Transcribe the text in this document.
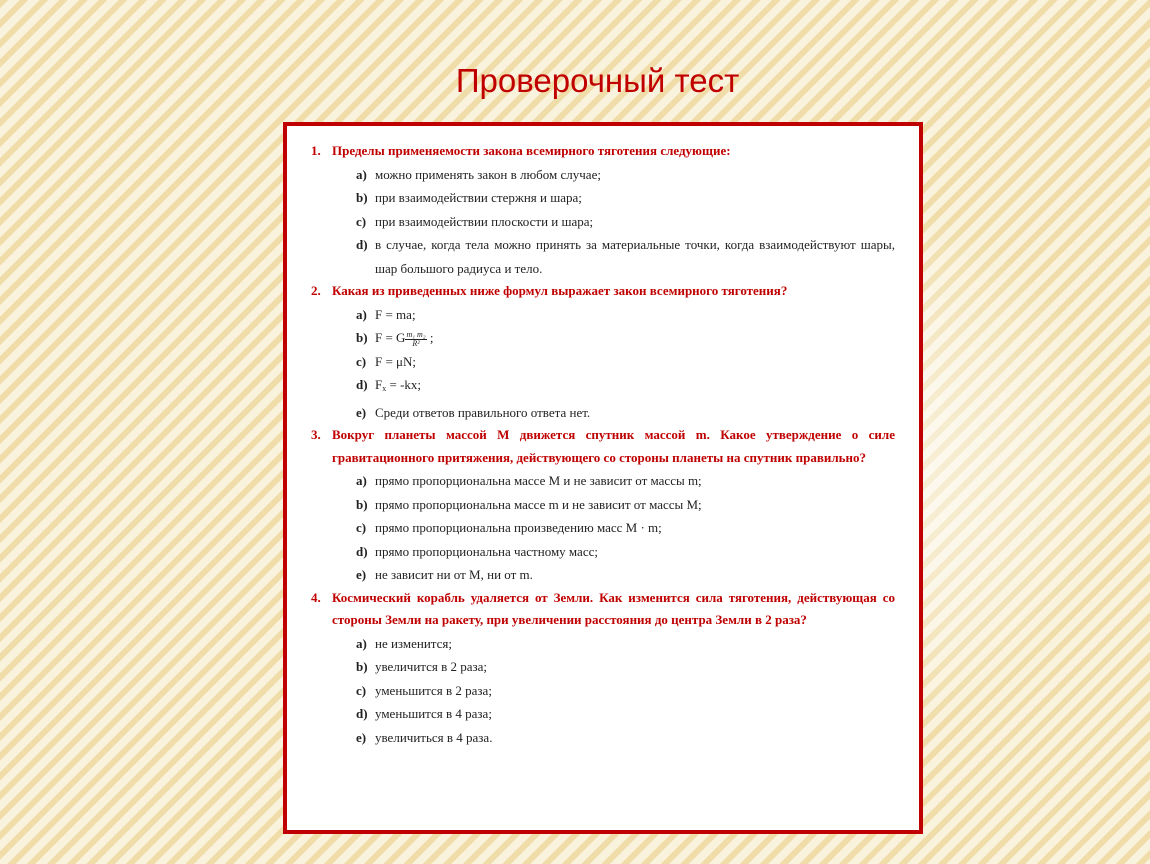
Проверочный тест
1. Пределы применяемости закона всемирного тяготения следующие:
a) можно применять закон в любом случае;
b) при взаимодействии стержня и шара;
c) при взаимодействии плоскости и шара;
d) в случае, когда тела можно принять за материальные точки, когда взаимодействуют шары, шар большого радиуса и тело.
2. Какая из приведенных ниже формул выражает закон всемирного тяготения?
a) F = ma;
b) F = G $\frac{\text{m₁ m₂}}{\text{R²}}$ ;
c) F = μN;
d) $F_x = -kx$;
e) Среди ответов правильного ответа нет.
3. Вокруг планеты массой M движется спутник массой m. Какое утверждение о силе гравитационного притяжения, действующего со стороны планеты на спутник правильно?
a) прямо пропорциональна массе M и не зависит от массы m;
b) прямо пропорциональна массе m и не зависит от массы M;
c) прямо пропорциональна произведению масс M · m;
d) прямо пропорциональна частному масс;
e) не зависит ни от M, ни от m.
4. Космический корабль удаляется от Земли. Как изменится сила тяготения, действующая со стороны Земли на ракету, при увеличении расстояния до центра Земли в 2 раза?
a) не изменится;
b) увеличится в 2 раза;
c) уменьшится в 2 раза;
d) уменьшится в 4 раза;
e) увеличиться в 4 раза.
